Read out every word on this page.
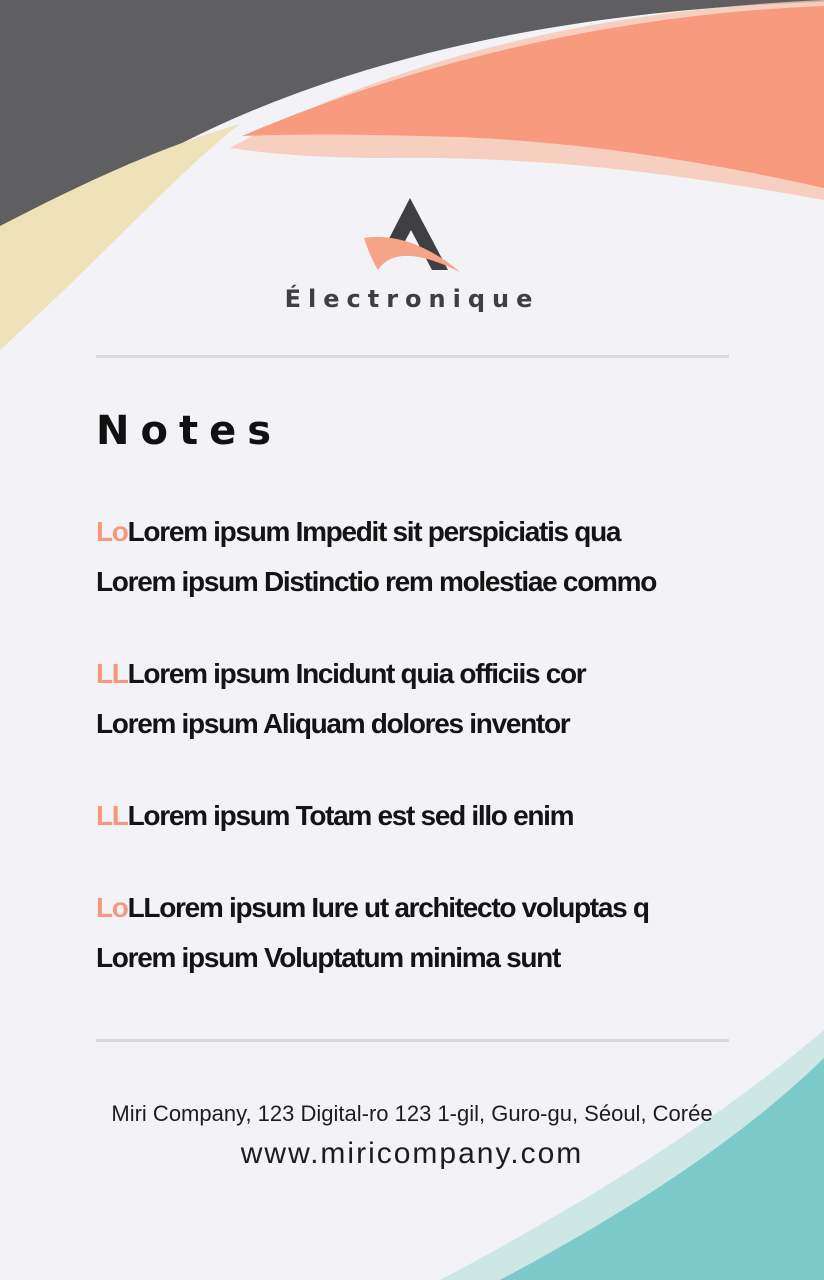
Électronique
Notes
LoLorem ipsum Impedit sit perspiciatis qua
Lorem ipsum Distinctio rem molestiae commo
LLLorem ipsum Incidunt quia officiis cor
Lorem ipsum Aliquam dolores inventor
LLLorem ipsum Totam est sed illo enim
LoLLorem ipsum Iure ut architecto voluptas q
Lorem ipsum Voluptatum minima sunt
Miri Company, 123 Digital-ro 123 1-gil, Guro-gu, Séoul, Corée
www.miricompany.com
